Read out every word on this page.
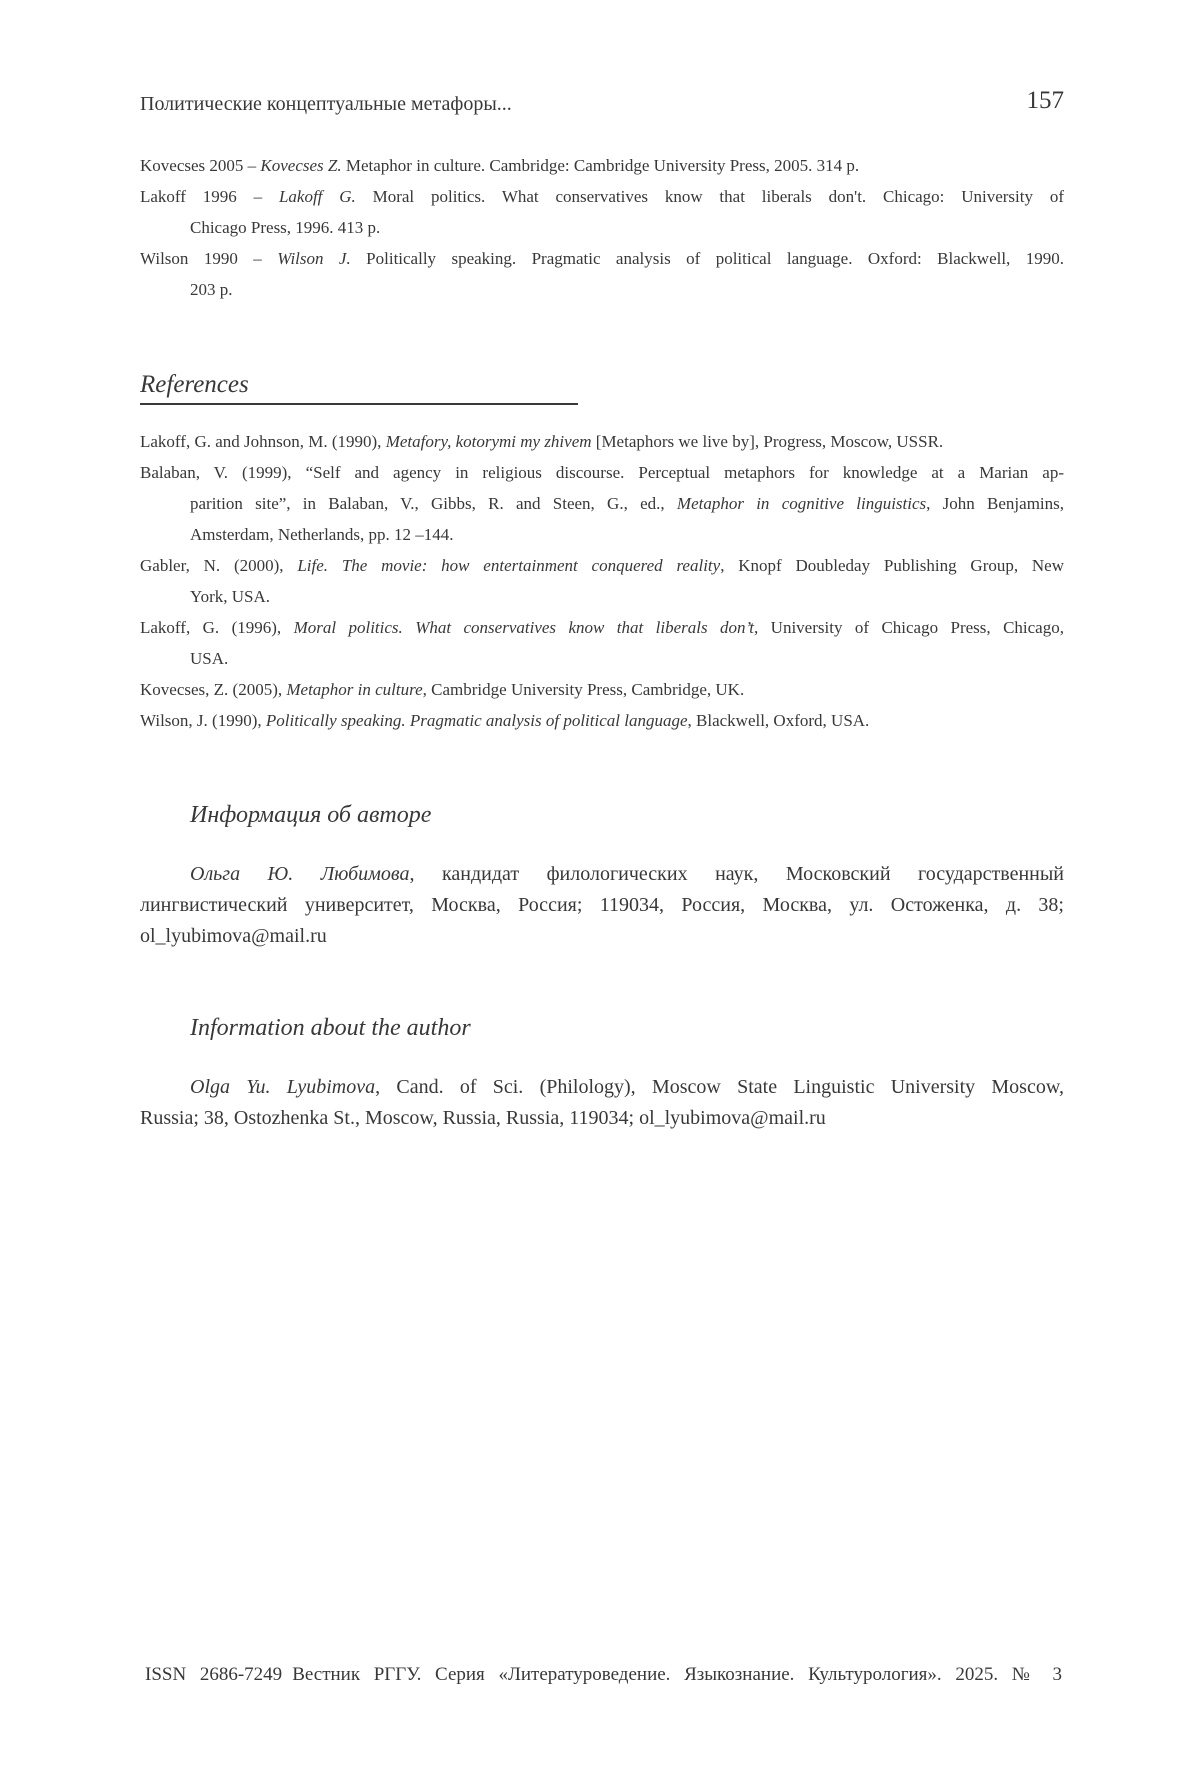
Политические концептуальные метафоры...	157
Kovecses 2005 – Kovecses Z. Metaphor in culture. Cambridge: Cambridge University Press, 2005. 314 p.
Lakoff 1996 – Lakoff G. Moral politics. What conservatives know that liberals don't. Chicago: University of
Chicago Press, 1996. 413 p.
Wilson 1990 – Wilson J. Politically speaking. Pragmatic analysis of political language. Oxford: Blackwell, 1990.
203 p.
References
Lakoff, G. and Johnson, M. (1990), Metafory, kotorymi my zhivem [Metaphors we live by], Progress, Moscow, USSR.
Balaban, V. (1999), “Self and agency in religious discourse. Perceptual metaphors for knowledge at a Marian ap-
parition site”, in Balaban, V., Gibbs, R. and Steen, G., ed., Metaphor in cognitive linguistics, John Benjamins,
Amsterdam, Netherlands, pp. 12 –144.
Gabler, N. (2000), Life. The movie: how entertainment conquered reality, Knopf Doubleday Publishing Group, New
York, USA.
Lakoff, G. (1996), Moral politics. What conservatives know that liberals don’t, University of Chicago Press, Chicago,
USA.
Kovecses, Z. (2005), Metaphor in culture, Cambridge University Press, Cambridge, UK.
Wilson, J. (1990), Politically speaking. Pragmatic analysis of political language, Blackwell, Oxford, USA.
Информация об авторе
Ольга Ю. Любимова, кандидат филологических наук, Московский государственный
лингвистический университет, Москва, Россия; 119034, Россия, Москва, ул. Остоженка, д. 38;
ol_lyubimova@mail.ru
Information about the author
Olga Yu. Lyubimova, Cand. of Sci. (Philology), Moscow State Linguistic University Moscow,
Russia; 38, Ostozhenka St., Moscow, Russia, Russia, 119034; ol_lyubimova@mail.ru
ISSN 2686-7249 Вестник РГГУ. Серия «Литературоведение. Языкознание. Культурология». 2025. № 3
